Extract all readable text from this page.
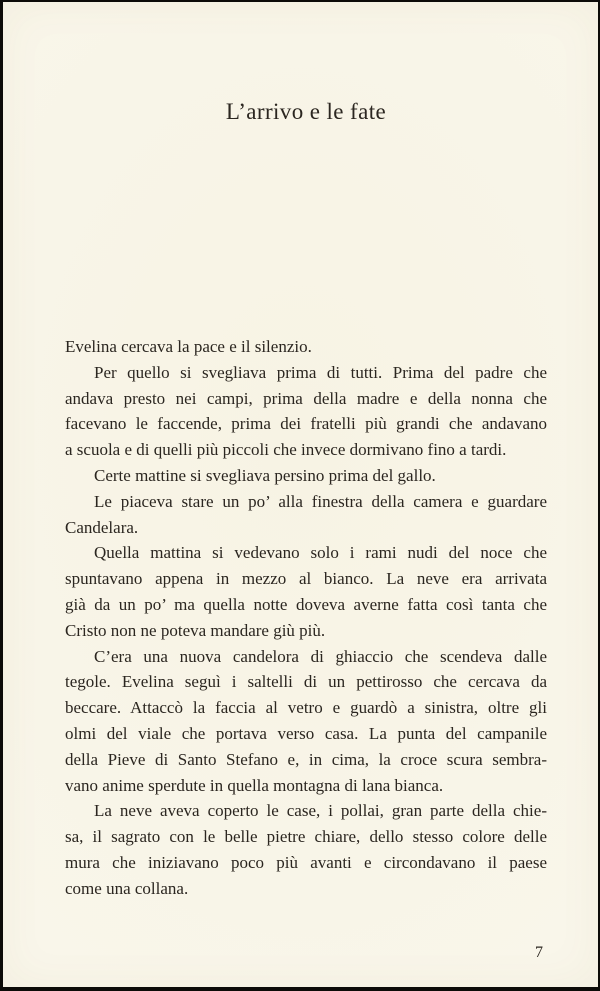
L’arrivo e le fate
Evelina cercava la pace e il silenzio.
Per quello si svegliava prima di tutti. Prima del padre che
andava presto nei campi, prima della madre e della nonna che
facevano le faccende, prima dei fratelli più grandi che andavano
a scuola e di quelli più piccoli che invece dormivano fino a tardi.
Certe mattine si svegliava persino prima del gallo.
Le piaceva stare un po’ alla finestra della camera e guardare
Candelara.
Quella mattina si vedevano solo i rami nudi del noce che
spuntavano appena in mezzo al bianco. La neve era arrivata
già da un po’ ma quella notte doveva averne fatta così tanta che
Cristo non ne poteva mandare giù più.
C’era una nuova candelora di ghiaccio che scendeva dalle
tegole. Evelina seguì i saltelli di un pettirosso che cercava da
beccare. Attaccò la faccia al vetro e guardò a sinistra, oltre gli
olmi del viale che portava verso casa. La punta del campanile
della Pieve di Santo Stefano e, in cima, la croce scura sembra-
vano anime sperdute in quella montagna di lana bianca.
La neve aveva coperto le case, i pollai, gran parte della chie-
sa, il sagrato con le belle pietre chiare, dello stesso colore delle
mura che iniziavano poco più avanti e circondavano il paese
come una collana.
7
